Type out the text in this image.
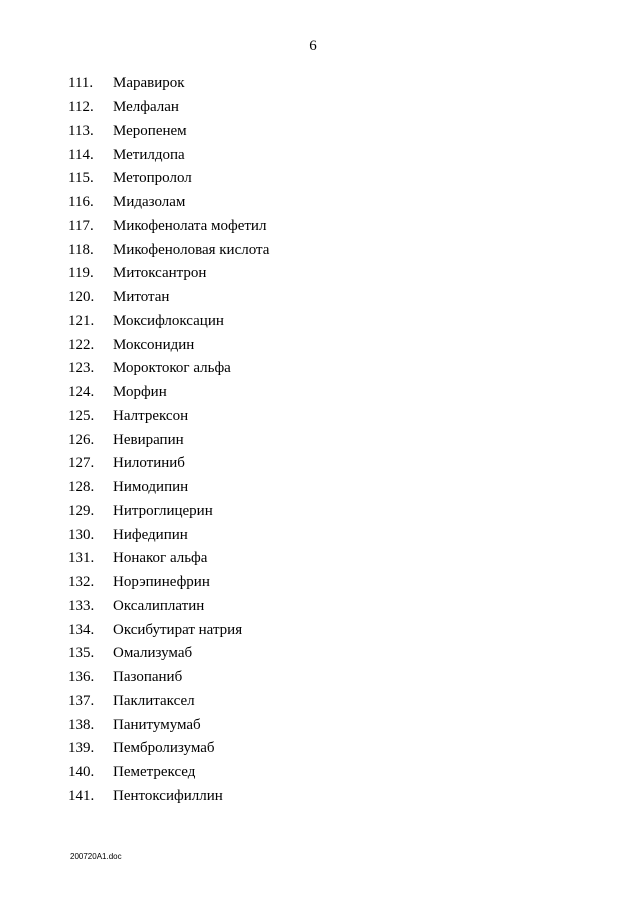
6
111.	Маравирок
112.	Мелфалан
113.	Меропенем
114.	Метилдопа
115.	Метопролол
116.	Мидазолам
117.	Микофенолата мофетил
118.	Микофеноловая кислота
119.	Митоксантрон
120.	Митотан
121.	Моксифлоксацин
122.	Моксонидин
123.	Мороктоког альфа
124.	Морфин
125.	Налтрексон
126.	Невирапин
127.	Нилотиниб
128.	Нимодипин
129.	Нитроглицерин
130.	Нифедипин
131.	Нонаког альфа
132.	Норэпинефрин
133.	Оксалиплатин
134.	Оксибутират натрия
135.	Омализумаб
136.	Пазопаниб
137.	Паклитаксел
138.	Панитумумаб
139.	Пембролизумаб
140.	Пеметрексед
141.	Пентоксифиллин
200720A1.doc
